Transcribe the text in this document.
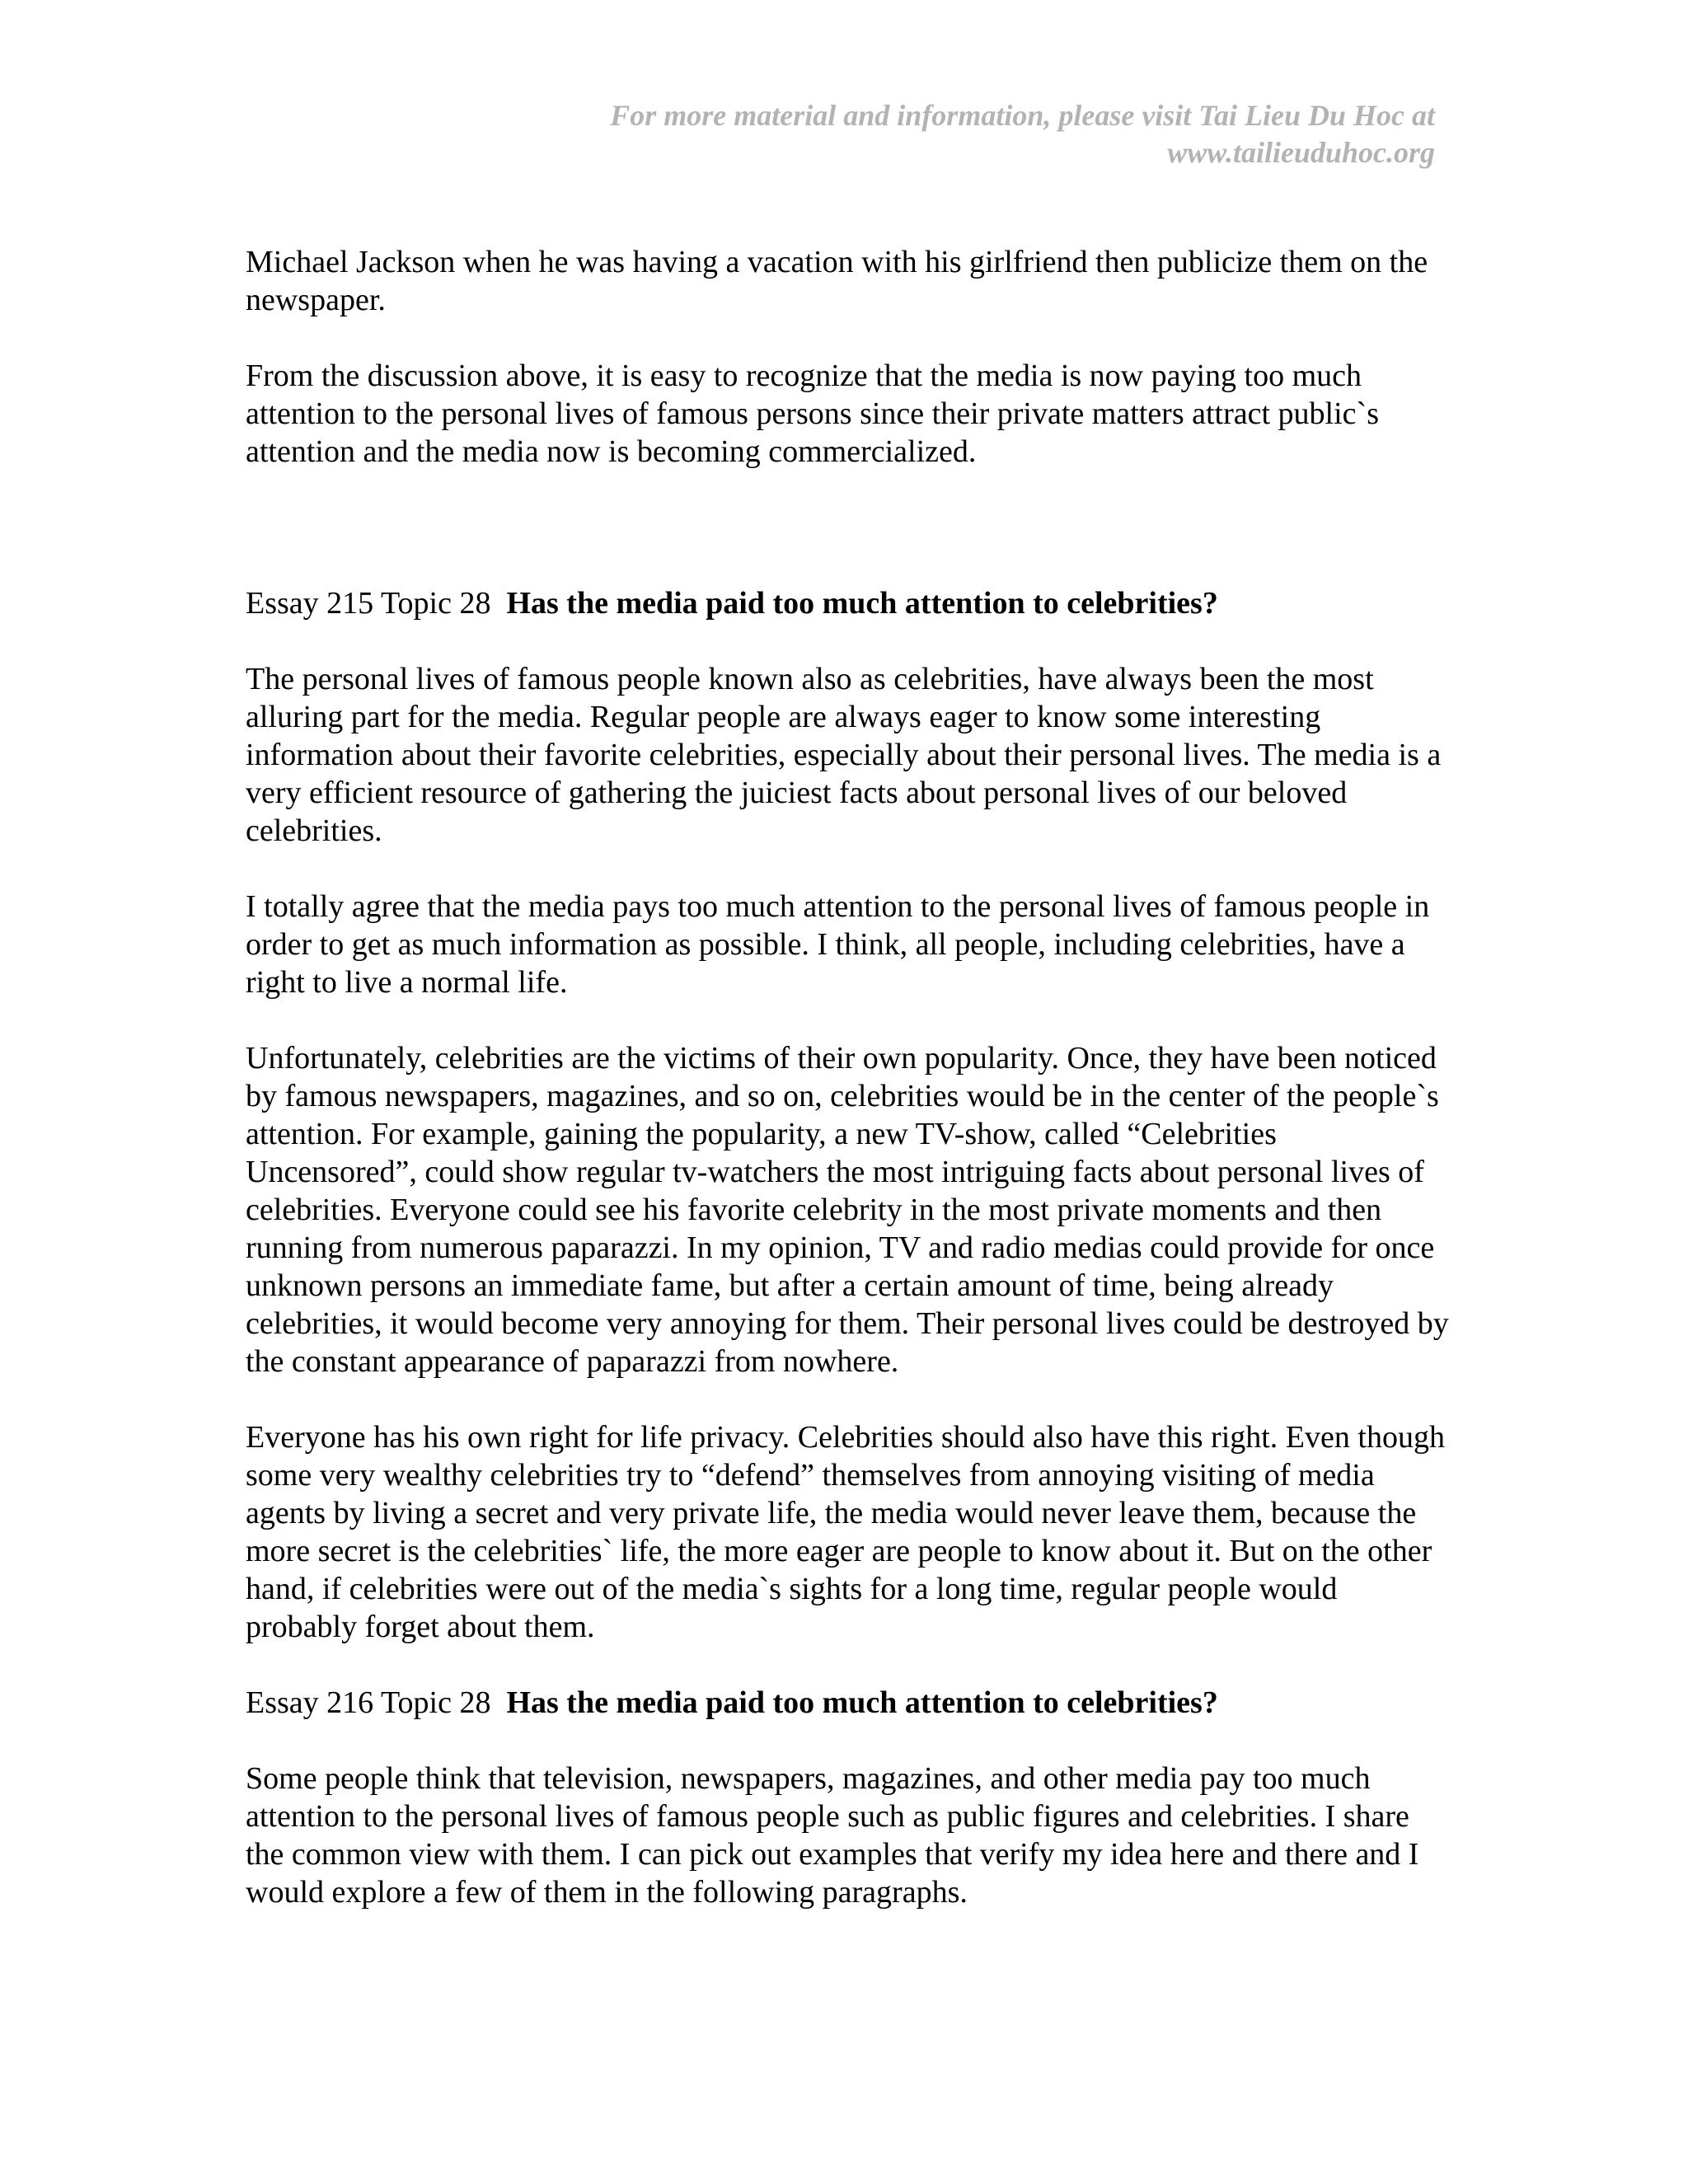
For more material and information, please visit Tai Lieu Du Hoc at
www.tailieuduhoc.org

Michael Jackson when he was having a vacation with his girlfriend then publicize them on the newspaper.

From the discussion above, it is easy to recognize that the media is now paying too much attention to the personal lives of famous persons since their private matters attract public`s attention and the media now is becoming commercialized.

Essay 215 Topic 28 Has the media paid too much attention to celebrities?

The personal lives of famous people known also as celebrities, have always been the most alluring part for the media. Regular people are always eager to know some interesting information about their favorite celebrities, especially about their personal lives. The media is a very efficient resource of gathering the juiciest facts about personal lives of our beloved celebrities.

I totally agree that the media pays too much attention to the personal lives of famous people in order to get as much information as possible. I think, all people, including celebrities, have a right to live a normal life.

Unfortunately, celebrities are the victims of their own popularity. Once, they have been noticed by famous newspapers, magazines, and so on, celebrities would be in the center of the people`s attention. For example, gaining the popularity, a new TV-show, called “Celebrities Uncensored”, could show regular tv-watchers the most intriguing facts about personal lives of celebrities. Everyone could see his favorite celebrity in the most private moments and then running from numerous paparazzi. In my opinion, TV and radio medias could provide for once unknown persons an immediate fame, but after a certain amount of time, being already celebrities, it would become very annoying for them. Their personal lives could be destroyed by the constant appearance of paparazzi from nowhere.

Everyone has his own right for life privacy. Celebrities should also have this right. Even though some very wealthy celebrities try to “defend” themselves from annoying visiting of media agents by living a secret and very private life, the media would never leave them, because the more secret is the celebrities` life, the more eager are people to know about it. But on the other hand, if celebrities were out of the media`s sights for a long time, regular people would probably forget about them.

Essay 216 Topic 28 Has the media paid too much attention to celebrities?

Some people think that television, newspapers, magazines, and other media pay too much attention to the personal lives of famous people such as public figures and celebrities. I share the common view with them. I can pick out examples that verify my idea here and there and I would explore a few of them in the following paragraphs.
